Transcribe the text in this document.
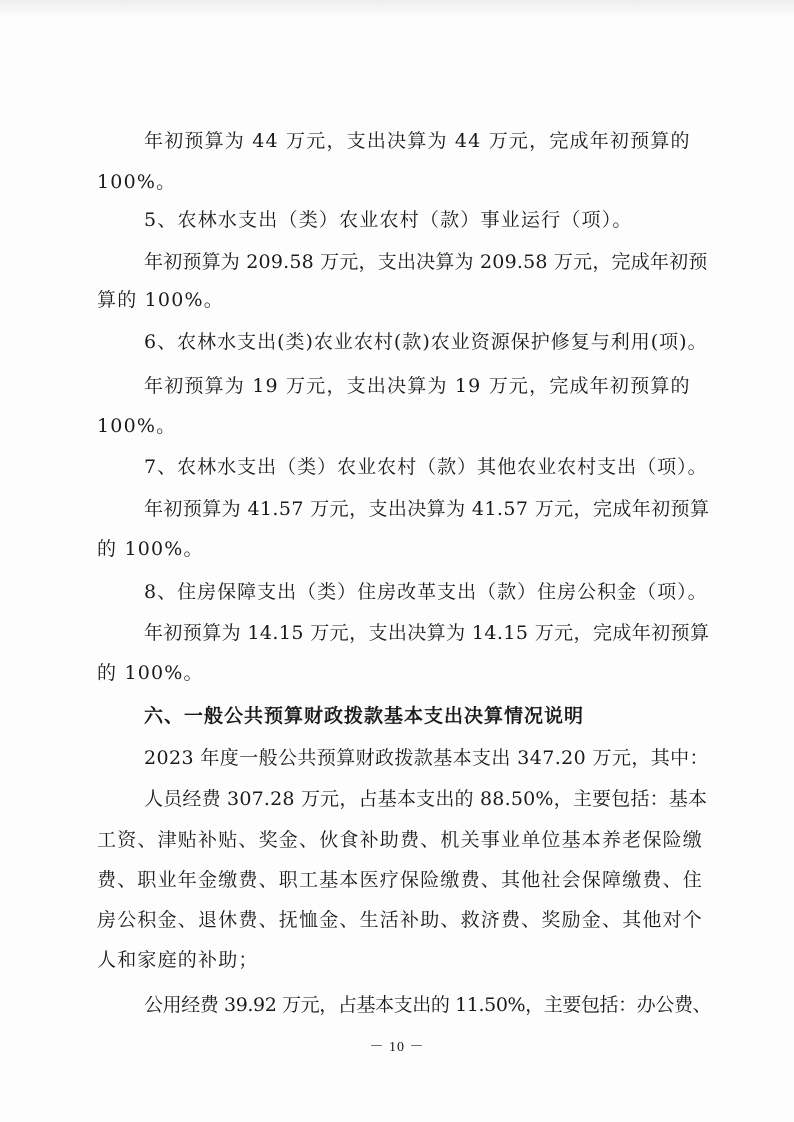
年初预算为 44 万元，支出决算为 44 万元，完成年初预算的
100%。
5、农林水支出（类）农业农村（款）事业运行（项）。
年初预算为 209.58 万元，支出决算为 209.58 万元，完成年初预
算的 100%。
6、农林水支出(类)农业农村(款)农业资源保护修复与利用(项)。
年初预算为 19 万元，支出决算为 19 万元，完成年初预算的
100%。
7、农林水支出（类）农业农村（款）其他农业农村支出（项）。
年初预算为 41.57 万元，支出决算为 41.57 万元，完成年初预算
的 100%。
8、住房保障支出（类）住房改革支出（款）住房公积金（项）。
年初预算为 14.15 万元，支出决算为 14.15 万元，完成年初预算
的 100%。
六、一般公共预算财政拨款基本支出决算情况说明
2023 年度一般公共预算财政拨款基本支出 347.20 万元，其中：
人员经费 307.28 万元，占基本支出的 88.50%，主要包括：基本
工资、津贴补贴、奖金、伙食补助费、机关事业单位基本养老保险缴
费、职业年金缴费、职工基本医疗保险缴费、其他社会保障缴费、住
房公积金、退休费、抚恤金、生活补助、救济费、奖励金、其他对个
人和家庭的补助；
公用经费 39.92 万元，占基本支出的 11.50%，主要包括：办公费、
－ 10 －
